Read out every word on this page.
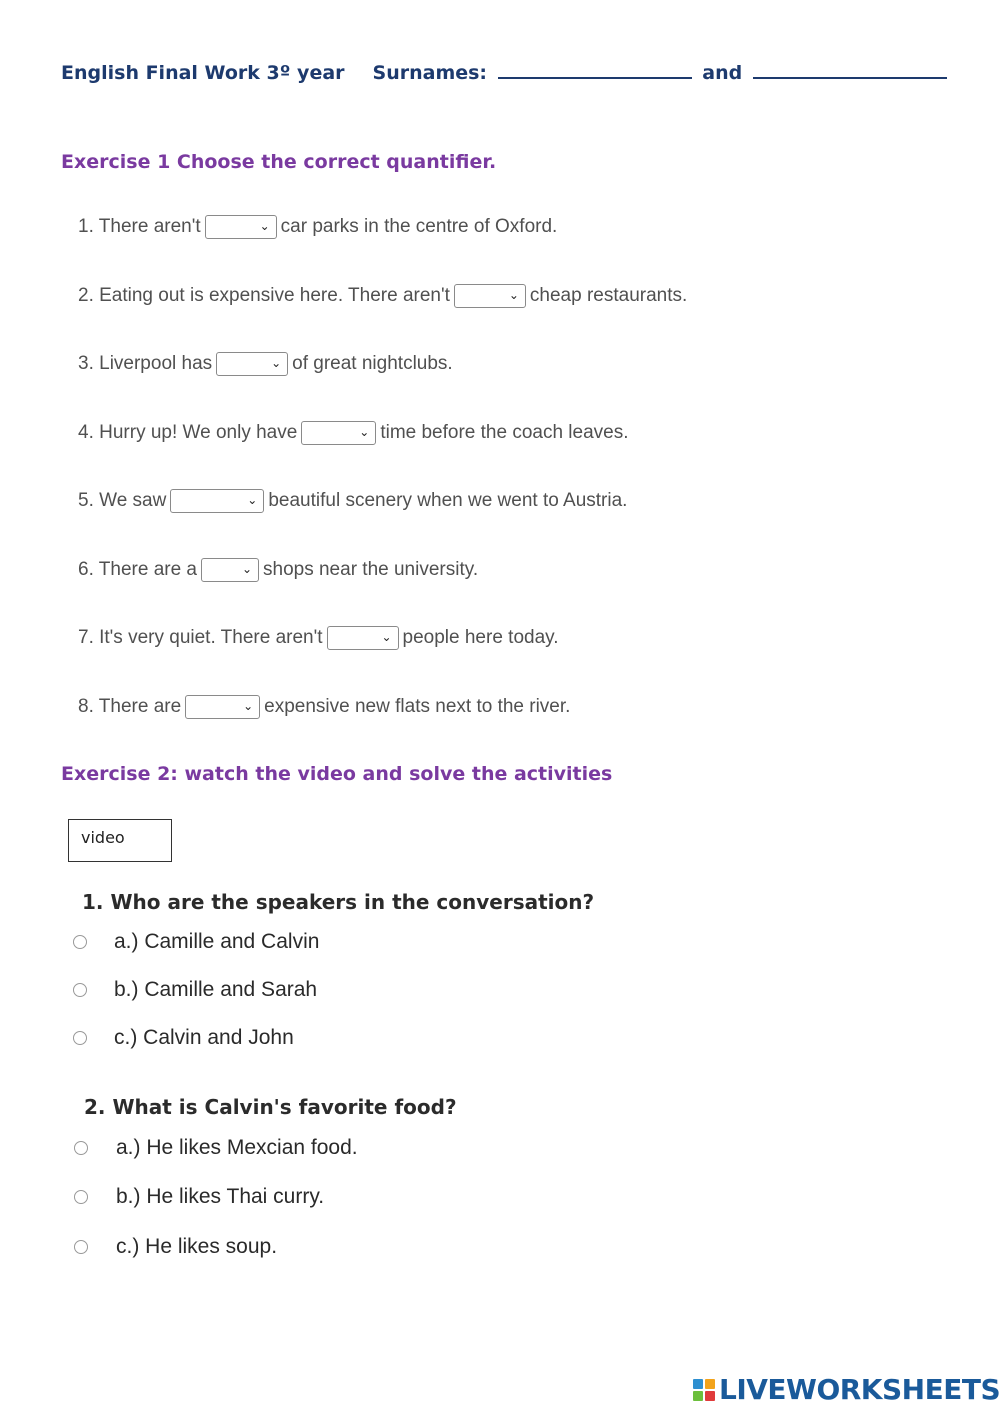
English Final Work 3º year Surnames:	and
Exercise 1 Choose the correct quantifier.
1. There aren't	⌄ car parks in the centre of Oxford.
2. Eating out is expensive here. There aren't	⌄ cheap restaurants.
3. Liverpool has	⌄ of great nightclubs.
4. Hurry up! We only have	⌄ time before the coach leaves.
5. We saw	⌄ beautiful scenery when we went to Austria.
6. There are a	⌄ shops near the university.
7. It's very quiet. There aren't	⌄ people here today.
8. There are	⌄ expensive new flats next to the river.
Exercise 2: watch the video and solve the activities
video
1. Who are the speakers in the conversation?
a.) Camille and Calvin
b.) Camille and Sarah
c.) Calvin and John
2. What is Calvin's favorite food?
a.) He likes Mexcian food.
b.) He likes Thai curry.
c.) He likes soup.
LIVEWORKSHEETS
